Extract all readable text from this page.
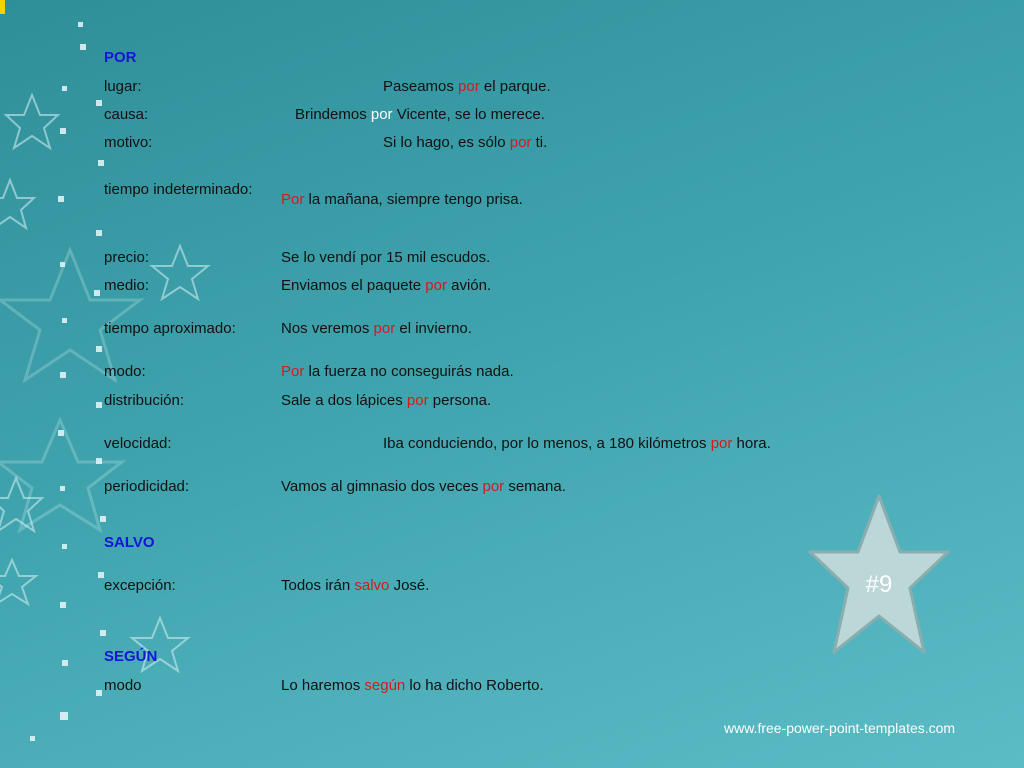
POR
lugar:	Paseamos por el parque.
causa:	Brindemos por Vicente, se lo merece.
motivo:	Si lo hago, es sólo por ti.
tiempo indeterminado:
Por la mañana, siempre tengo prisa.
precio:	Se lo vendí por 15 mil escudos.
medio:	Enviamos el paquete por avión.
tiempo aproximado:	Nos veremos por el invierno.
modo:	Por la fuerza no conseguirás nada.
distribución:	Sale a dos lápices por persona.
velocidad:	Iba conduciendo, por lo menos, a 180 kilómetros por hora.
periodicidad:	Vamos al gimnasio dos veces por semana.
SALVO
excepción:	Todos irán salvo José.
SEGÚN
modo	Lo haremos según lo ha dicho Roberto.
#9
www.free-power-point-templates.com
